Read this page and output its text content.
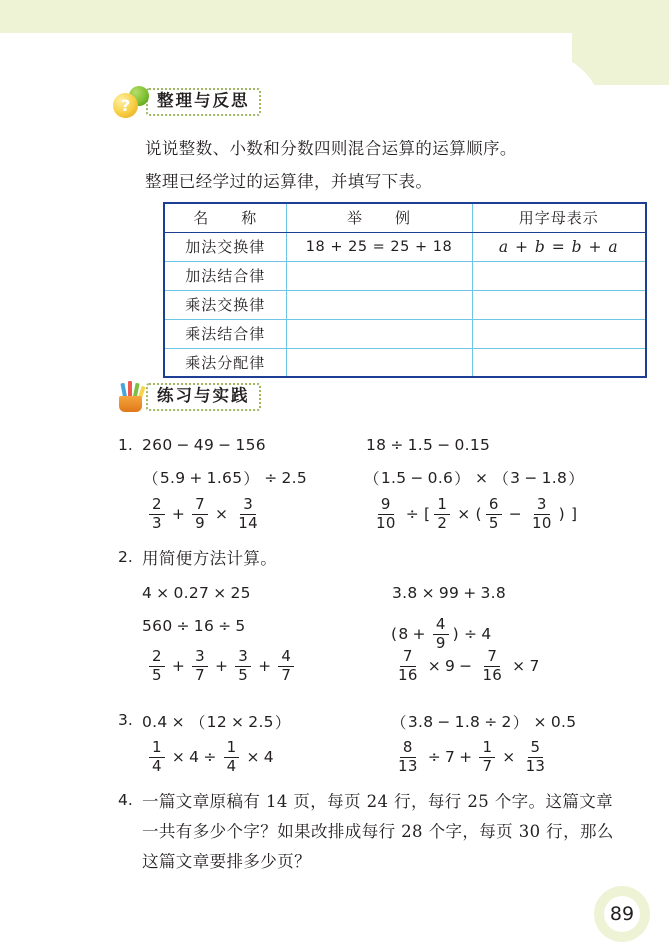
?	整理与反思
说说整数、小数和分数四则混合运算的运算顺序。
整理已经学过的运算律，并填写下表。
名　　称	举　　例	用字母表示
加法交换律	18 + 25 = 25 + 18	a + b = b + a
加法结合律		
乘法交换律		
乘法结合律		
乘法分配律		
练习与实践
1. 260 − 49 − 156
（ 5.9 + 1.65 ） ÷ 2.5
$\frac{2}{3} + \frac{7}{9} \times \frac{3}{14}$
18 ÷ 1.5 − 0.15
（ 1.5 − 0.6 ） × （ 3 − 1.8 ）
$\frac{9}{10}$ ÷ [ $\frac{1}{2}$ × ( $\frac{6}{5} - \frac{3}{10}$ ) ]
2. 用简便方法计算。
4 × 0.27 × 25
560 ÷ 16 ÷ 5
$\frac{2}{5} + \frac{3}{7} + \frac{3}{5} + \frac{4}{7}$
3.8 × 99 + 3.8
( $8 + \frac{4}{9}$ ) ÷ 4
$\frac{7}{16} \times 9 - \frac{7}{16} \times 7$
3. 0.4 × （ 12 × 2.5 ）
$\frac{1}{4} \times 4 \div \frac{1}{4} \times 4$
（ 3.8 − 1.8 ÷ 2 ） × 0.5
$\frac{8}{13} \div 7 + \frac{1}{7} \times \frac{5}{13}$
4. 一篇文章原稿有 14 页，每页 24 行，每行 25 个字。这篇文章
一共有多少个字？如果改排成每行 28 个字，每页 30 行，那么
这篇文章要排多少页？
89
